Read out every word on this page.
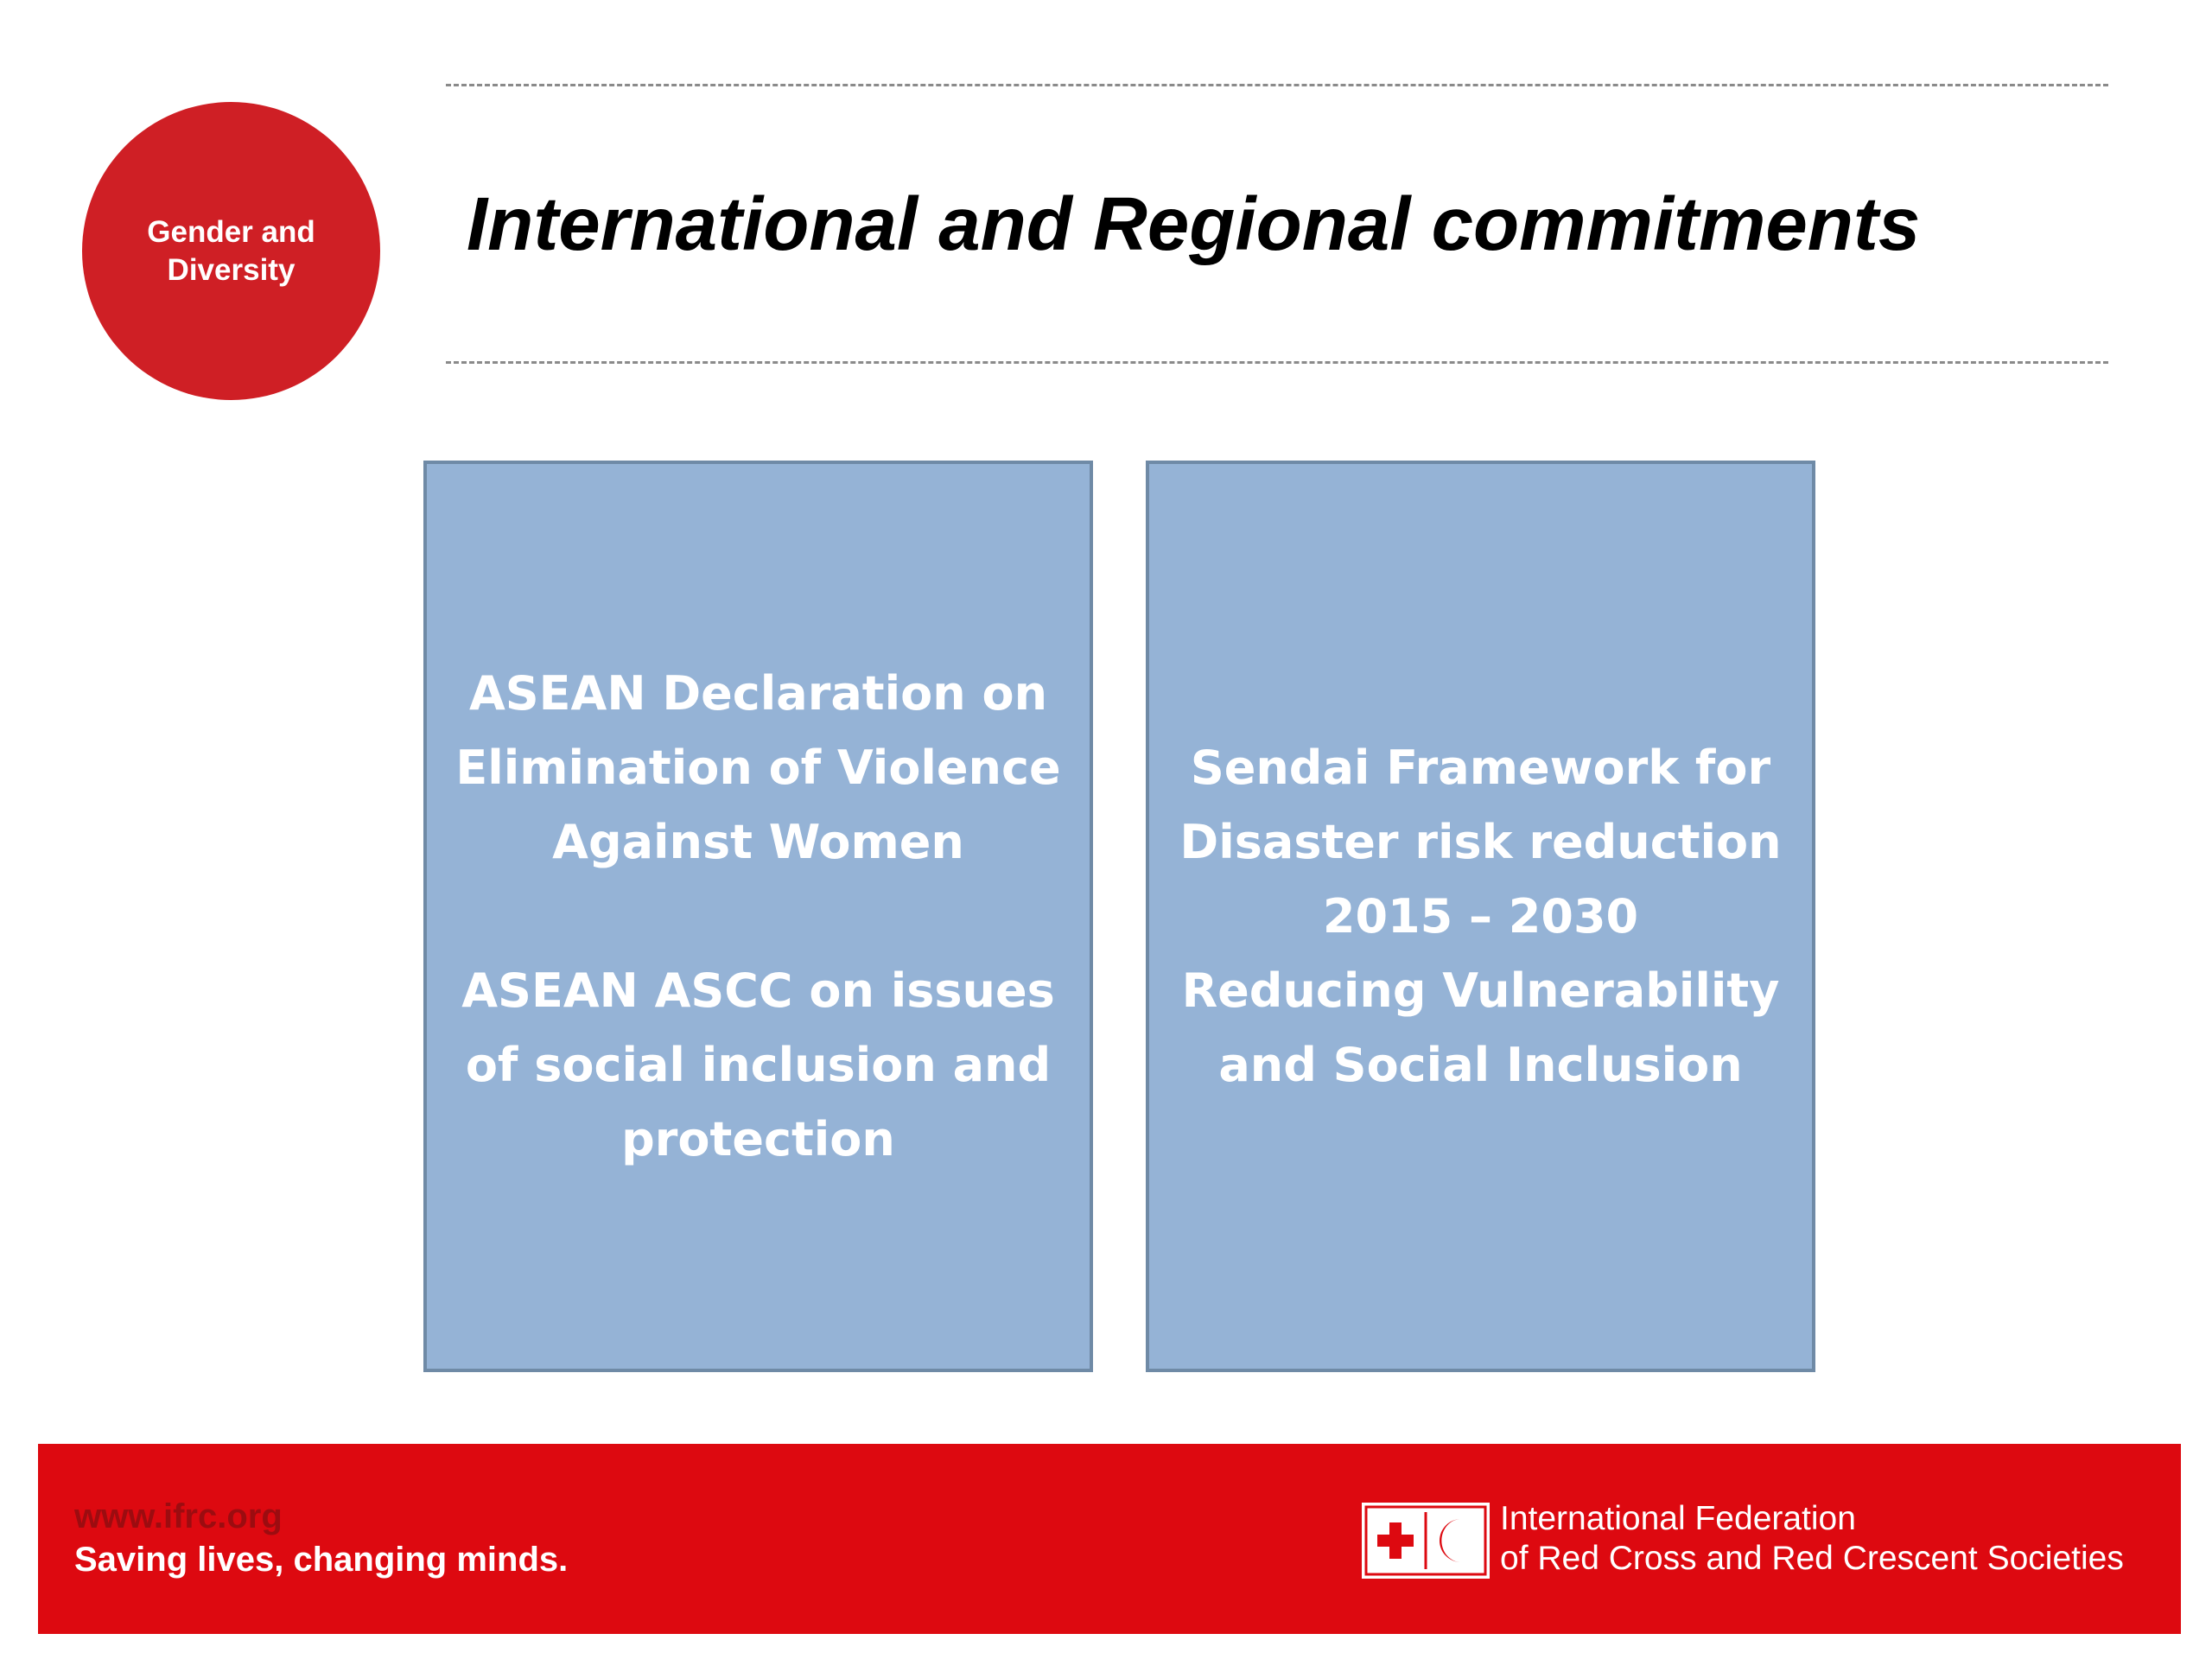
Gender and
Diversity
International and Regional commitments

ASEAN Declaration on
Elimination of Violence
Against Women

ASEAN ASCC on issues
of social inclusion and
protection

Sendai Framework for
Disaster risk reduction
2015 – 2030
Reducing Vulnerability
and Social Inclusion

www.ifrc.org
Saving lives, changing minds.
International Federation
of Red Cross and Red Crescent Societies
